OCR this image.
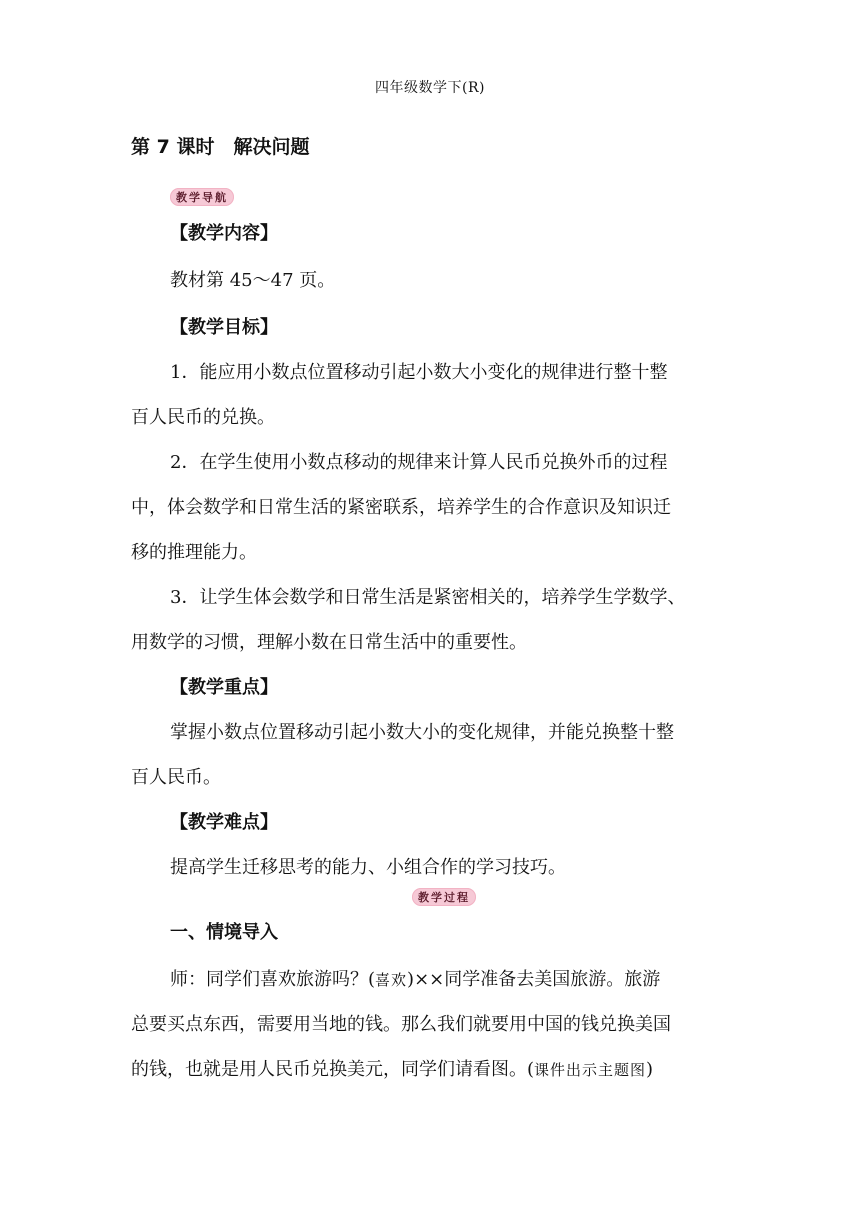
四年级数学下(R)
第 7 课时　解决问题
教学导航
【教学内容】
教材第 45～47 页。
【教学目标】
1．能应用小数点位置移动引起小数大小变化的规律进行整十整
百人民币的兑换。
2．在学生使用小数点移动的规律来计算人民币兑换外币的过程
中，体会数学和日常生活的紧密联系，培养学生的合作意识及知识迁
移的推理能力。
3．让学生体会数学和日常生活是紧密相关的，培养学生学数学、
用数学的习惯，理解小数在日常生活中的重要性。
【教学重点】
掌握小数点位置移动引起小数大小的变化规律，并能兑换整十整
百人民币。
【教学难点】
提高学生迁移思考的能力、小组合作的学习技巧。
教学过程
一、情境导入
师：同学们喜欢旅游吗？(喜欢)××同学准备去美国旅游。旅游
总要买点东西，需要用当地的钱。那么我们就要用中国的钱兑换美国
的钱，也就是用人民币兑换美元，同学们请看图。(课件出示主题图)
